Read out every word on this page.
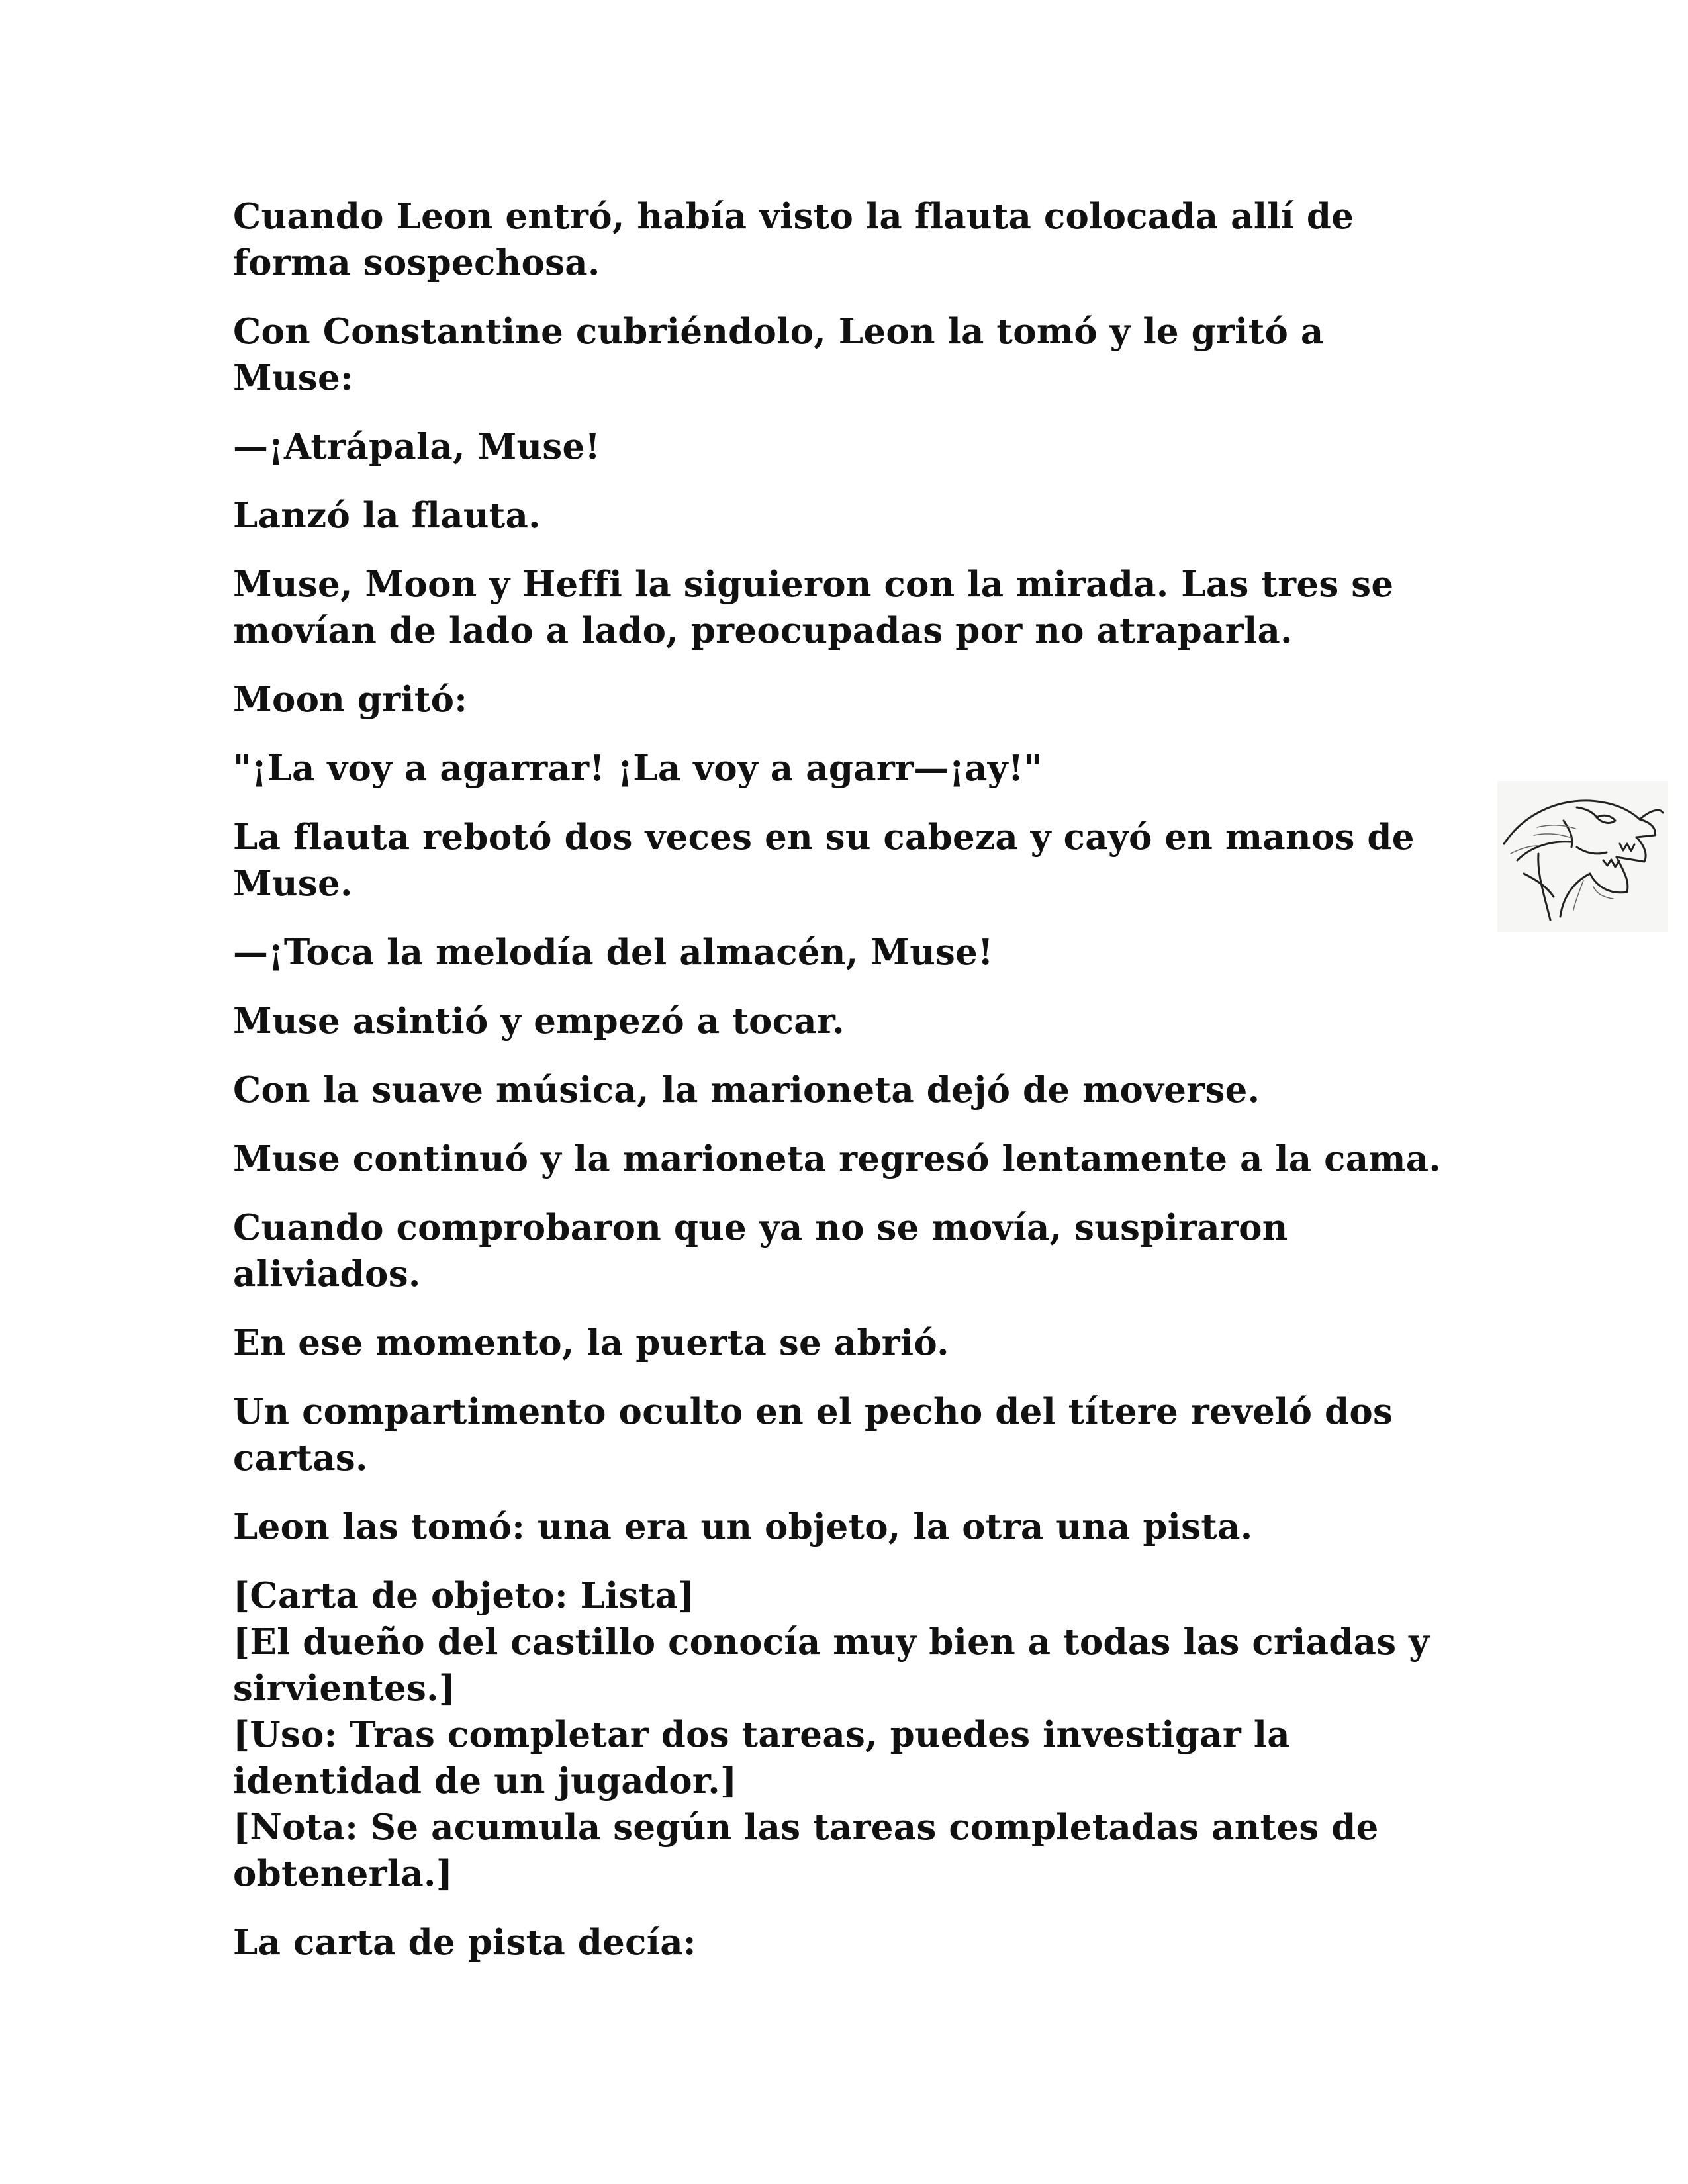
Cuando Leon entró, había visto la flauta colocada allí de forma sospechosa.

Con Constantine cubriéndolo, Leon la tomó y le gritó a Muse:

—¡Atrápala, Muse!

Lanzó la flauta.

Muse, Moon y Heffi la siguieron con la mirada. Las tres se movían de lado a lado, preocupadas por no atraparla.

Moon gritó:

"¡La voy a agarrar! ¡La voy a agarr—¡ay!"

La flauta rebotó dos veces en su cabeza y cayó en manos de Muse.

—¡Toca la melodía del almacén, Muse!

Muse asintió y empezó a tocar.

Con la suave música, la marioneta dejó de moverse.

Muse continuó y la marioneta regresó lentamente a la cama.

Cuando comprobaron que ya no se movía, suspiraron aliviados.

En ese momento, la puerta se abrió.

Un compartimento oculto en el pecho del títere reveló dos cartas.

Leon las tomó: una era un objeto, la otra una pista.

[Carta de objeto: Lista]
[El dueño del castillo conocía muy bien a todas las criadas y sirvientes.]
[Uso: Tras completar dos tareas, puedes investigar la identidad de un jugador.]
[Nota: Se acumula según las tareas completadas antes de obtenerla.]

La carta de pista decía:
